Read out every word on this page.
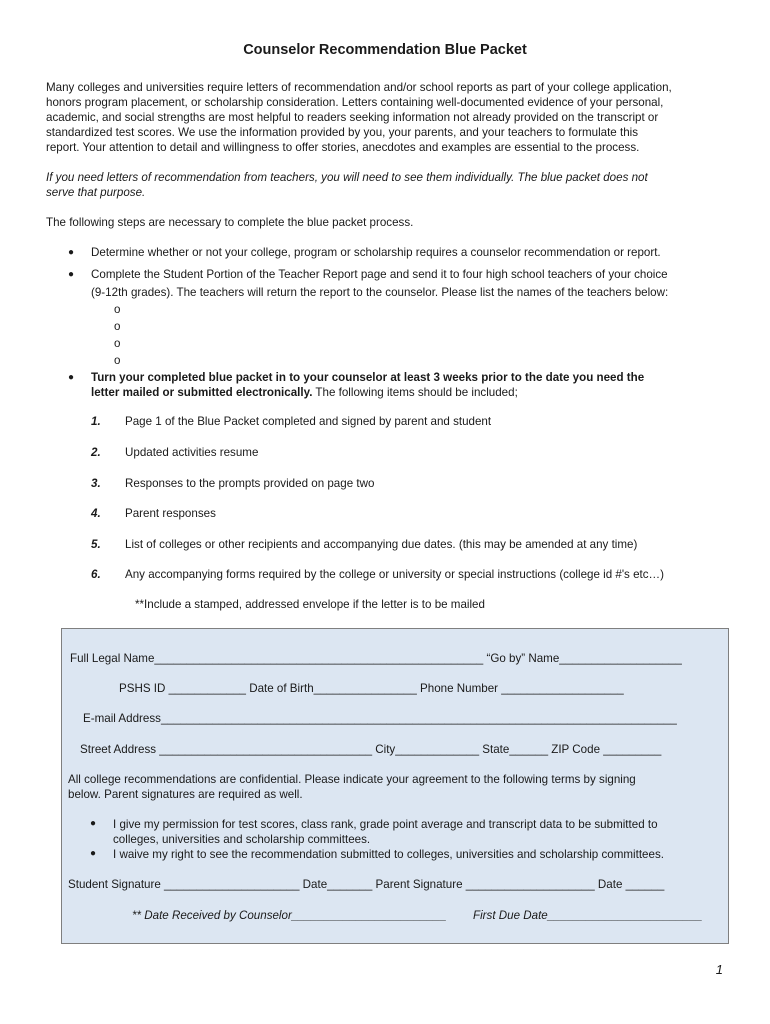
Counselor Recommendation Blue Packet
Many colleges and universities require letters of recommendation and/or school reports as part of your college application,
honors program placement, or scholarship consideration. Letters containing well-documented evidence of your personal,
academic, and social strengths are most helpful to readers seeking information not already provided on the transcript or
standardized test scores. We use the information provided by you, your parents, and your teachers to formulate this
report. Your attention to detail and willingness to offer stories, anecdotes and examples are essential to the process.
If you need letters of recommendation from teachers, you will need to see them individually. The blue packet does not
serve that purpose.
The following steps are necessary to complete the blue packet process.
● Determine whether or not your college, program or scholarship requires a counselor recommendation or report.
● Complete the Student Portion of the Teacher Report page and send it to four high school teachers of your choice
(9-12th grades). The teachers will return the report to the counselor. Please list the names of the teachers below:
o
o
o
o
● Turn your completed blue packet in to your counselor at least 3 weeks prior to the date you need the
letter mailed or submitted electronically. The following items should be included;
1. Page 1 of the Blue Packet completed and signed by parent and student
2. Updated activities resume
3. Responses to the prompts provided on page two
4. Parent responses
5. List of colleges or other recipients and accompanying due dates. (this may be amended at any time)
6. Any accompanying forms required by the college or university or special instructions (college id #'s etc…)
**Include a stamped, addressed envelope if the letter is to be mailed
Full Legal Name___________________________________________________ “Go by” Name___________________
PSHS ID ____________ Date of Birth________________ Phone Number ___________________
E-mail Address________________________________________________________________________________
Street Address _________________________________ City_____________ State______ ZIP Code _________
All college recommendations are confidential. Please indicate your agreement to the following terms by signing
below. Parent signatures are required as well.
● I give my permission for test scores, class rank, grade point average and transcript data to be submitted to
colleges, universities and scholarship committees.
● I waive my right to see the recommendation submitted to colleges, universities and scholarship committees.
Student Signature _____________________ Date_______ Parent Signature ____________________ Date ______
** Date Received by Counselor________________________ First Due Date________________________
1
